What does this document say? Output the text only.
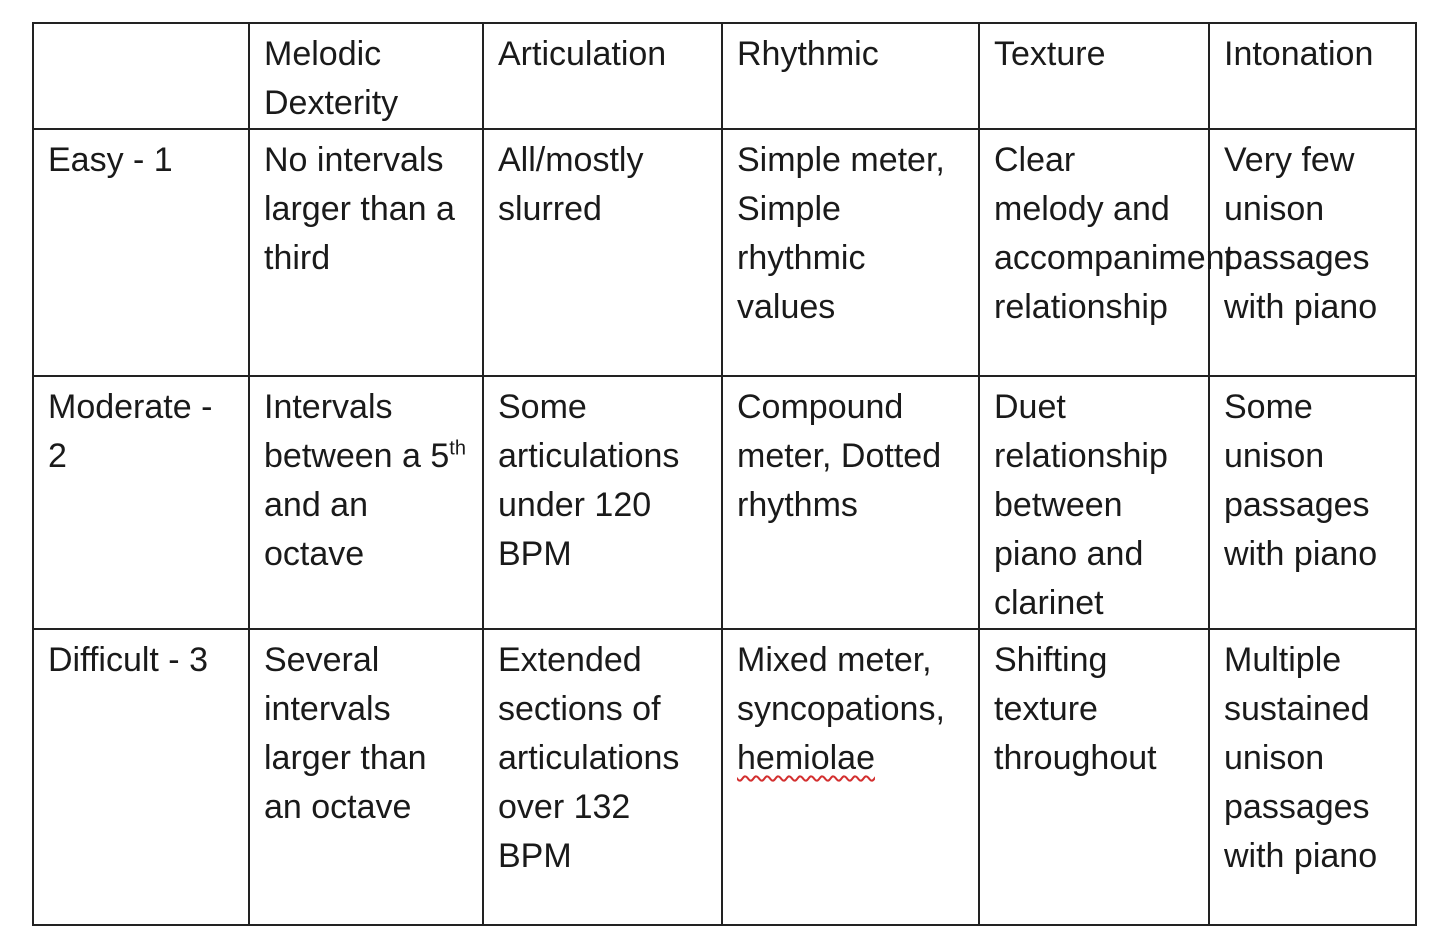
	Melodic Dexterity	Articulation	Rhythmic	Texture	Intonation
Easy - 1	No intervals larger than a third	All/mostly slurred	Simple meter, Simple rhythmic values	Clear melody and accompaniment relationship	Very few unison passages with piano
Moderate - 2	Intervals between a 5th and an octave	Some articulations under 120 BPM	Compound meter, Dotted rhythms	Duet relationship between piano and clarinet	Some unison passages with piano
Difficult - 3	Several intervals larger than an octave	Extended sections of articulations over 132 BPM	Mixed meter, syncopations, hemiolae	Shifting texture throughout	Multiple sustained unison passages with piano
